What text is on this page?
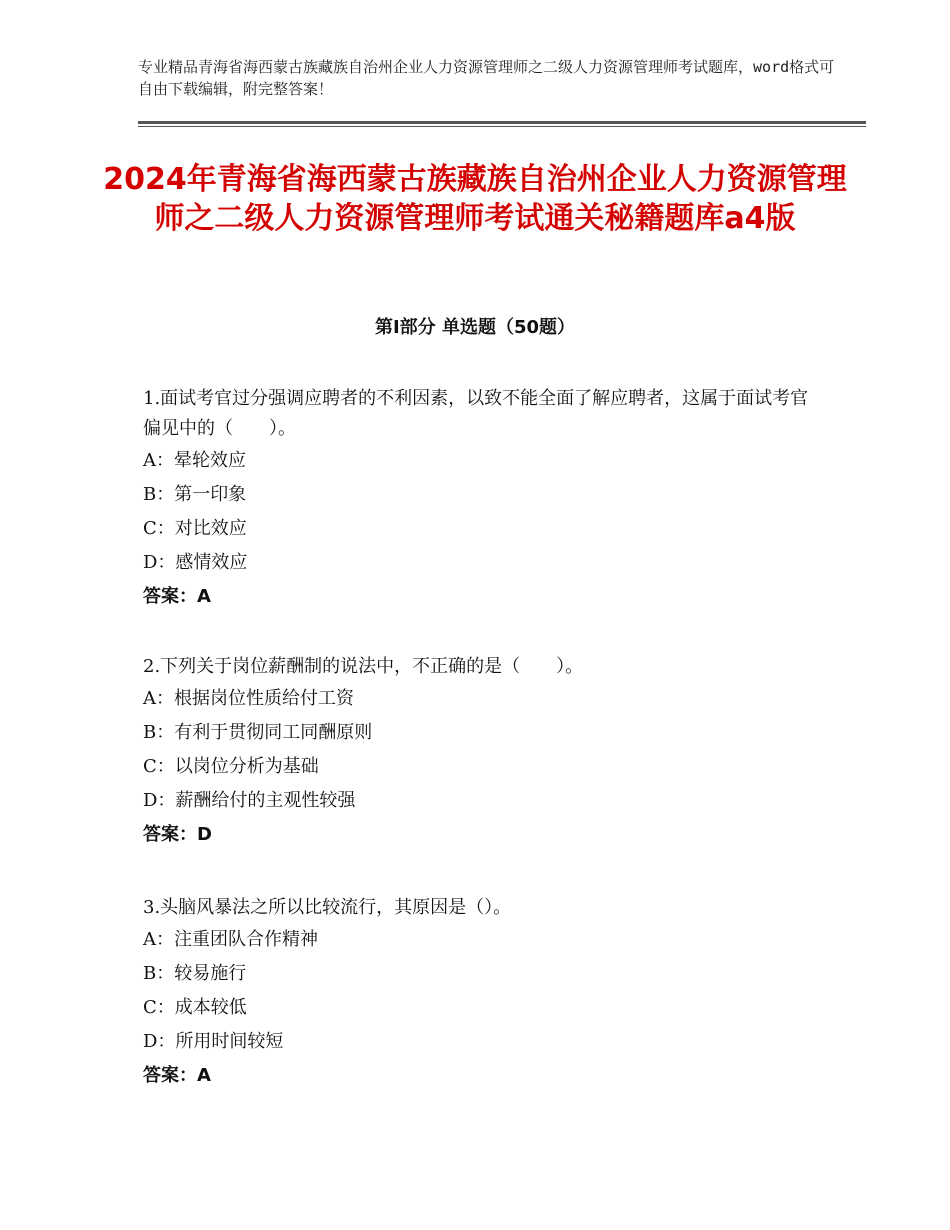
专业精品青海省海西蒙古族藏族自治州企业人力资源管理师之二级人力资源管理师考试题库，word格式可自由下载编辑，附完整答案！
2024年青海省海西蒙古族藏族自治州企业人力资源管理师之二级人力资源管理师考试通关秘籍题库a4版
第Ⅰ部分 单选题（50题）

1.面试考官过分强调应聘者的不利因素，以致不能全面了解应聘者，这属于面试考官偏见中的（　　）。

A：晕轮效应

B：第一印象

C：对比效应

D：感情效应

答案：A

2.下列关于岗位薪酬制的说法中，不正确的是（　　）。

A：根据岗位性质给付工资

B：有利于贯彻同工同酬原则

C：以岗位分析为基础

D：薪酬给付的主观性较强

答案：D

3.头脑风暴法之所以比较流行，其原因是（）。

A：注重团队合作精神

B：较易施行

C：成本较低

D：所用时间较短

答案：A
